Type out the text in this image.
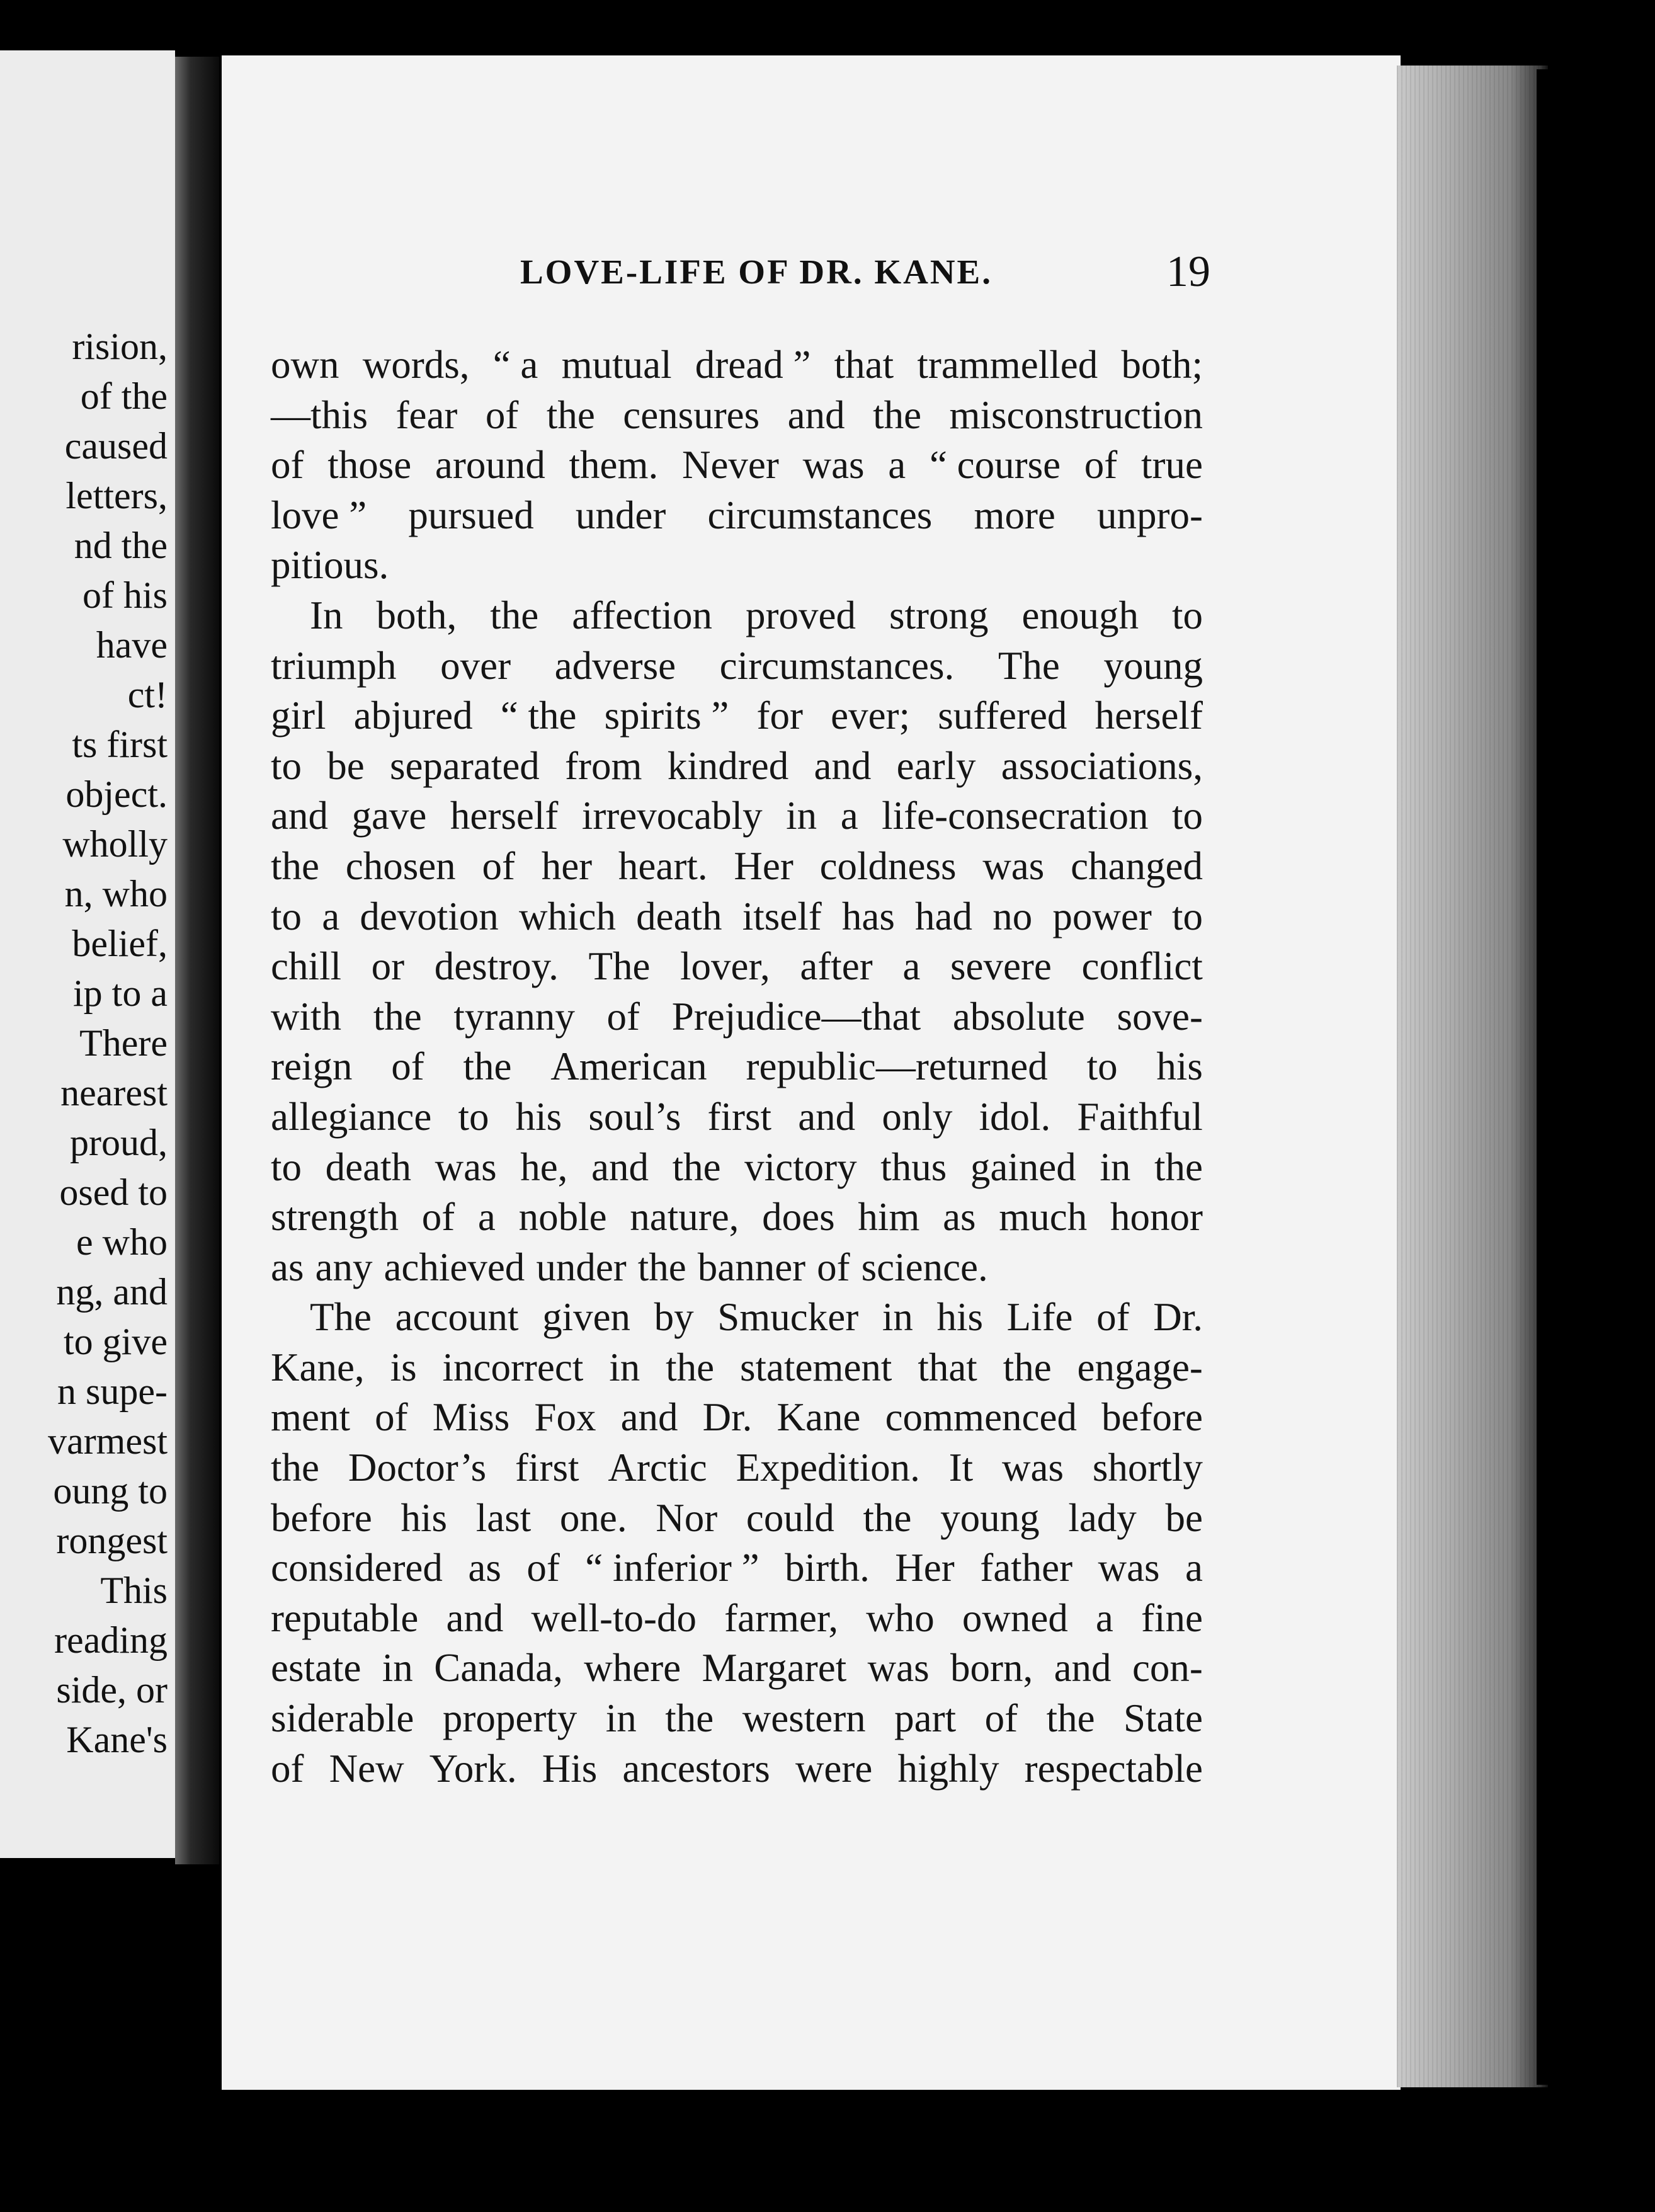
rision,
of the
caused
letters,
nd the
of his
have
ct!
ts first
object.
wholly
n, who
belief,
ip to a
There
nearest
proud,
osed to
e who
ng, and
to give
n supe-
varmest
oung to
rongest
This
reading
side, or
Kane's
LOVE-LIFE OF DR. KANE.	19
own words, “ a mutual dread ” that trammelled both;
—this fear of the censures and the misconstruction
of those around them. Never was a “ course of true
love ” pursued under circumstances more unpro-
pitious.
In both, the affection proved strong enough to
triumph over adverse circumstances. The young
girl abjured “ the spirits ” for ever; suffered herself
to be separated from kindred and early associations,
and gave herself irrevocably in a life-consecration to
the chosen of her heart. Her coldness was changed
to a devotion which death itself has had no power to
chill or destroy. The lover, after a severe conflict
with the tyranny of Prejudice—that absolute sove-
reign of the American republic—returned to his
allegiance to his soul’s first and only idol. Faithful
to death was he, and the victory thus gained in the
strength of a noble nature, does him as much honor
as any achieved under the banner of science.
The account given by Smucker in his Life of Dr.
Kane, is incorrect in the statement that the engage-
ment of Miss Fox and Dr. Kane commenced before
the Doctor’s first Arctic Expedition. It was shortly
before his last one. Nor could the young lady be
considered as of “ inferior ” birth. Her father was a
reputable and well-to-do farmer, who owned a fine
estate in Canada, where Margaret was born, and con-
siderable property in the western part of the State
of New York. His ancestors were highly respectable
